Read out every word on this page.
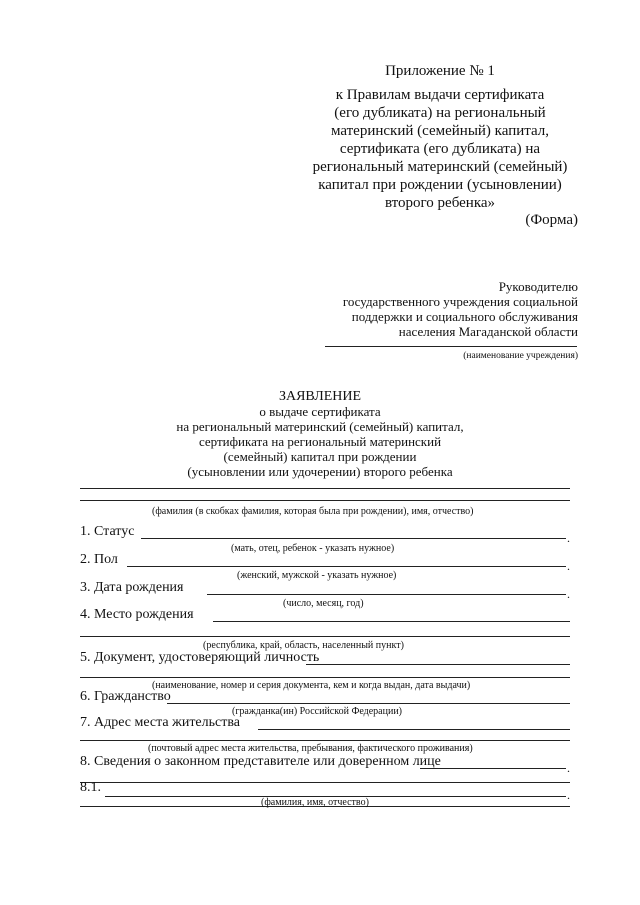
Приложение № 1
к Правилам выдачи сертификата
(его дубликата) на региональный
материнский (семейный) капитал,
сертификата (его дубликата) на
региональный материнский (семейный)
капитал при рождении (усыновлении)
второго ребенка»
(Форма)
Руководителю
государственного учреждения социальной
поддержки и социального обслуживания
населения Магаданской области
(наименование учреждения)
ЗАЯВЛЕНИЕ
о выдаче сертификата
на региональный материнский (семейный) капитал,
сертификата на региональный материнский
(семейный) капитал при рождении
(усыновлении или удочерении) второго ребенка
(фамилия (в скобках фамилия, которая была при рождении), имя, отчество)
1. Статус	.
(мать, отец, ребенок - указать нужное)
2. Пол	.
(женский, мужской - указать нужное)
3. Дата рождения	.
(число, месяц, год)
4. Место рождения
(республика, край, область, населенный пункт)
5. Документ, удостоверяющий личность
(наименование, номер и серия документа, кем и когда выдан, дата выдачи)
6. Гражданство
(гражданка(ин) Российской Федерации)
7. Адрес места жительства
(почтовый адрес места жительства, пребывания, фактического проживания)
8. Сведения о законном представителе или доверенном лице	.
8.1.	.
(фамилия, имя, отчество)
